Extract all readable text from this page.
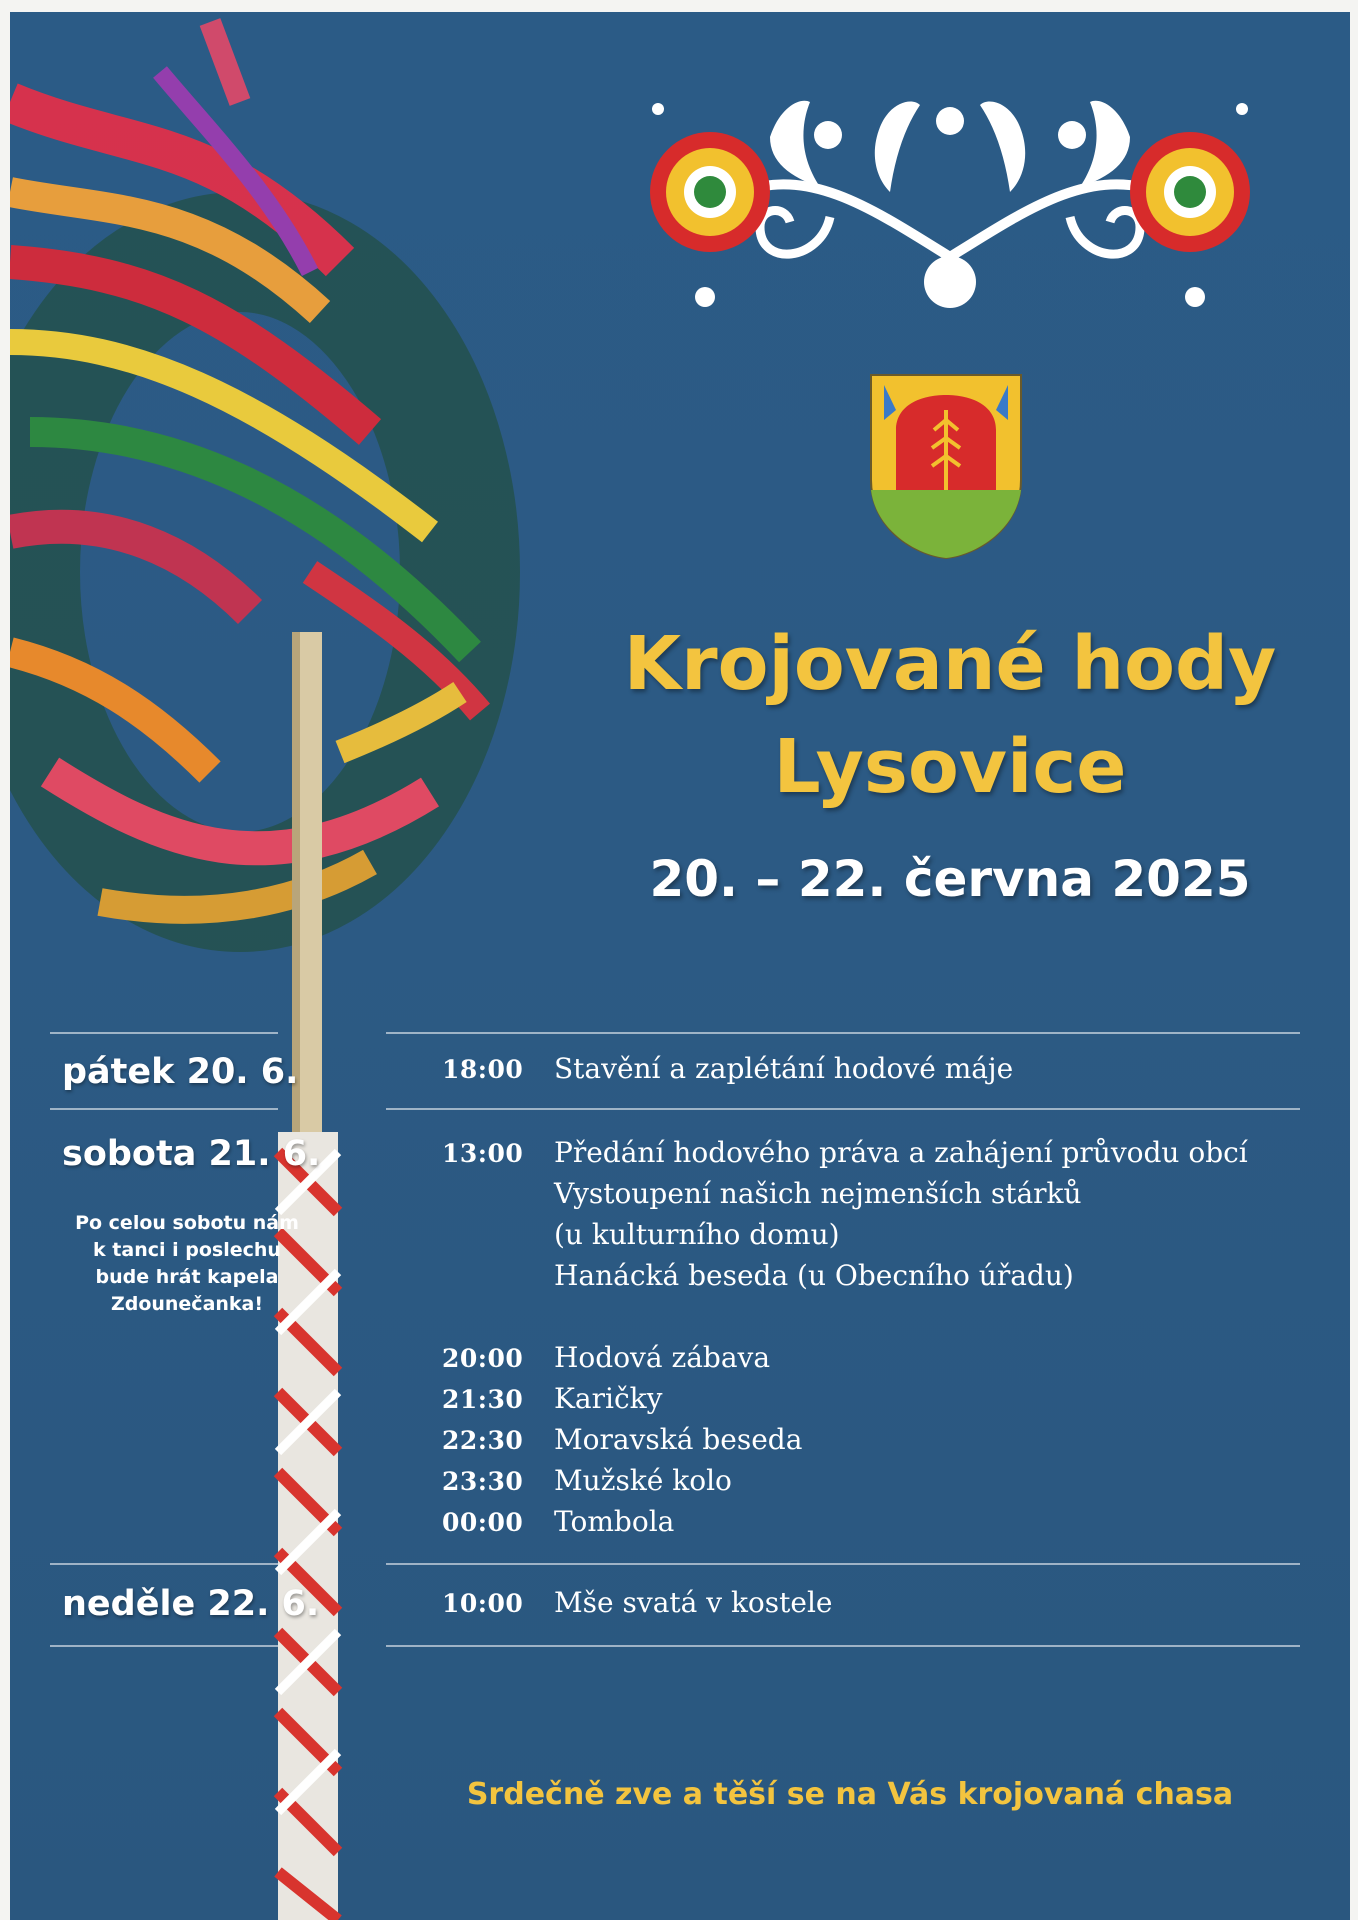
Krojované hody
Lysovice
20. – 22. června 2025
pátek 20. 6.	18:00 Stavění a zaplétání hodové máje
sobota 21. 6.
Po celou sobotu nám
k tanci i poslechu
bude hrát kapela
Zdounečanka!
13:00 Předání hodového práva a zahájení průvodu obcí
Vystoupení našich nejmenších stárků
(u kulturního domu)
Hanácká beseda (u Obecního úřadu)
20:00 Hodová zábava
21:30 Karičky
22:30 Moravská beseda
23:30 Mužské kolo
00:00 Tombola
neděle 22. 6.	10:00 Mše svatá v kostele
Srdečně zve a těší se na Vás krojovaná chasa
